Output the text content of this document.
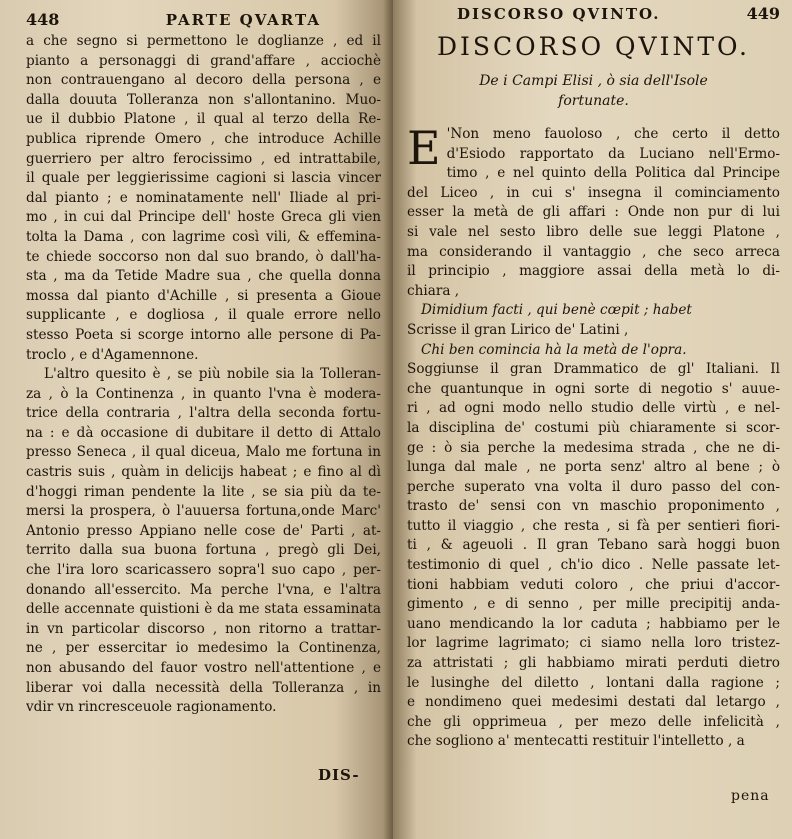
448	PARTE QVARTA
a che segno si permettono le doglianze , ed il
pianto a personaggi di grand'affare , acciochè
non contrauengano al decoro della persona , e
dalla douuta Tolleranza non s'allontanino. Muo-
ue il dubbio Platone , il qual al terzo della Re-
publica riprende Omero , che introduce Achille
guerriero per altro ferocissimo , ed intrattabile,
il quale per leggierissime cagioni si lascia vincer
dal pianto ; e nominatamente nell' Iliade al pri-
mo , in cui dal Principe dell' hoste Greca gli vien
tolta la Dama , con lagrime così vili, & effemina-
te chiede soccorso non dal suo brando, ò dall'ha-
sta , ma da Tetide Madre sua , che quella donna
mossa dal pianto d'Achille , si presenta a Gioue
supplicante , e dogliosa , il quale errore nello
stesso Poeta si scorge intorno alle persone di Pa-
troclo , e d'Agamennone.
L'altro quesito è , se più nobile sia la Tolleran-
za , ò la Continenza , in quanto l'vna è modera-
trice della contraria , l'altra della seconda fortu-
na : e dà occasione di dubitare il detto di Attalo
presso Seneca , il qual diceua, Malo me fortuna in
castris suis , quàm in delicijs habeat ; e fino al dì
d'hoggi riman pendente la lite , se sia più da te-
mersi la prospera, ò l'auuersa fortuna,onde Marc'
Antonio presso Appiano nelle cose de' Parti , at-
territo dalla sua buona fortuna , pregò gli Dei,
che l'ira loro scaricassero sopra'l suo capo , per-
donando all'essercito. Ma perche l'vna, e l'altra
delle accennate quistioni è da me stata essaminata
in vn particolar discorso , non ritorno a trattar-
ne , per essercitar io medesimo la Continenza,
non abusando del fauor vostro nell'attentione , e
liberar voi dalla necessità della Tolleranza , in
vdir vn rincresceuole ragionamento.
DIS-
DISCORSO QVINTO.	449
DISCORSO QVINTO.
De i Campi Elisi , ò sia dell'Isole
fortunate.
E 'Non meno fauoloso , che certo il detto
d'Esiodo rapportato da Luciano nell'Ermo-
timo , e nel quinto della Politica dal Principe
del Liceo , in cui s' insegna il cominciamento
esser la metà de gli affari : Onde non pur di lui
si vale nel sesto libro delle sue leggi Platone ,
ma considerando il vantaggio , che seco arreca
il principio , maggiore assai della metà lo di-
chiara ,
Dimidium facti , qui benè cœpit ; habet
Scrisse il gran Lirico de' Latini ,
Chi ben comincia hà la metà de l'opra.
Soggiunse il gran Drammatico de gl' Italiani. Il
che quantunque in ogni sorte di negotio s' auue-
ri , ad ogni modo nello studio delle virtù , e nel-
la disciplina de' costumi più chiaramente si scor-
ge : ò sia perche la medesima strada , che ne di-
lunga dal male , ne porta senz' altro al bene ; ò
perche superato vna volta il duro passo del con-
trasto de' sensi con vn maschio proponimento ,
tutto il viaggio , che resta , si fà per sentieri fiori-
ti , & ageuoli . Il gran Tebano sarà hoggi buon
testimonio di quel , ch'io dico . Nelle passate let-
tioni habbiam veduti coloro , che priui d'accor-
gimento , e di senno , per mille precipitij anda-
uano mendicando la lor caduta ; habbiamo per le
lor lagrime lagrimato; ci siamo nella loro tristez-
za attristati ; gli habbiamo mirati perduti dietro
le lusinghe del diletto , lontani dalla ragione ;
e nondimeno quei medesimi destati dal letargo ,
che gli opprimeua , per mezo delle infelicità ,
che sogliono a' mentecatti restituir l'intelletto , a
pena
